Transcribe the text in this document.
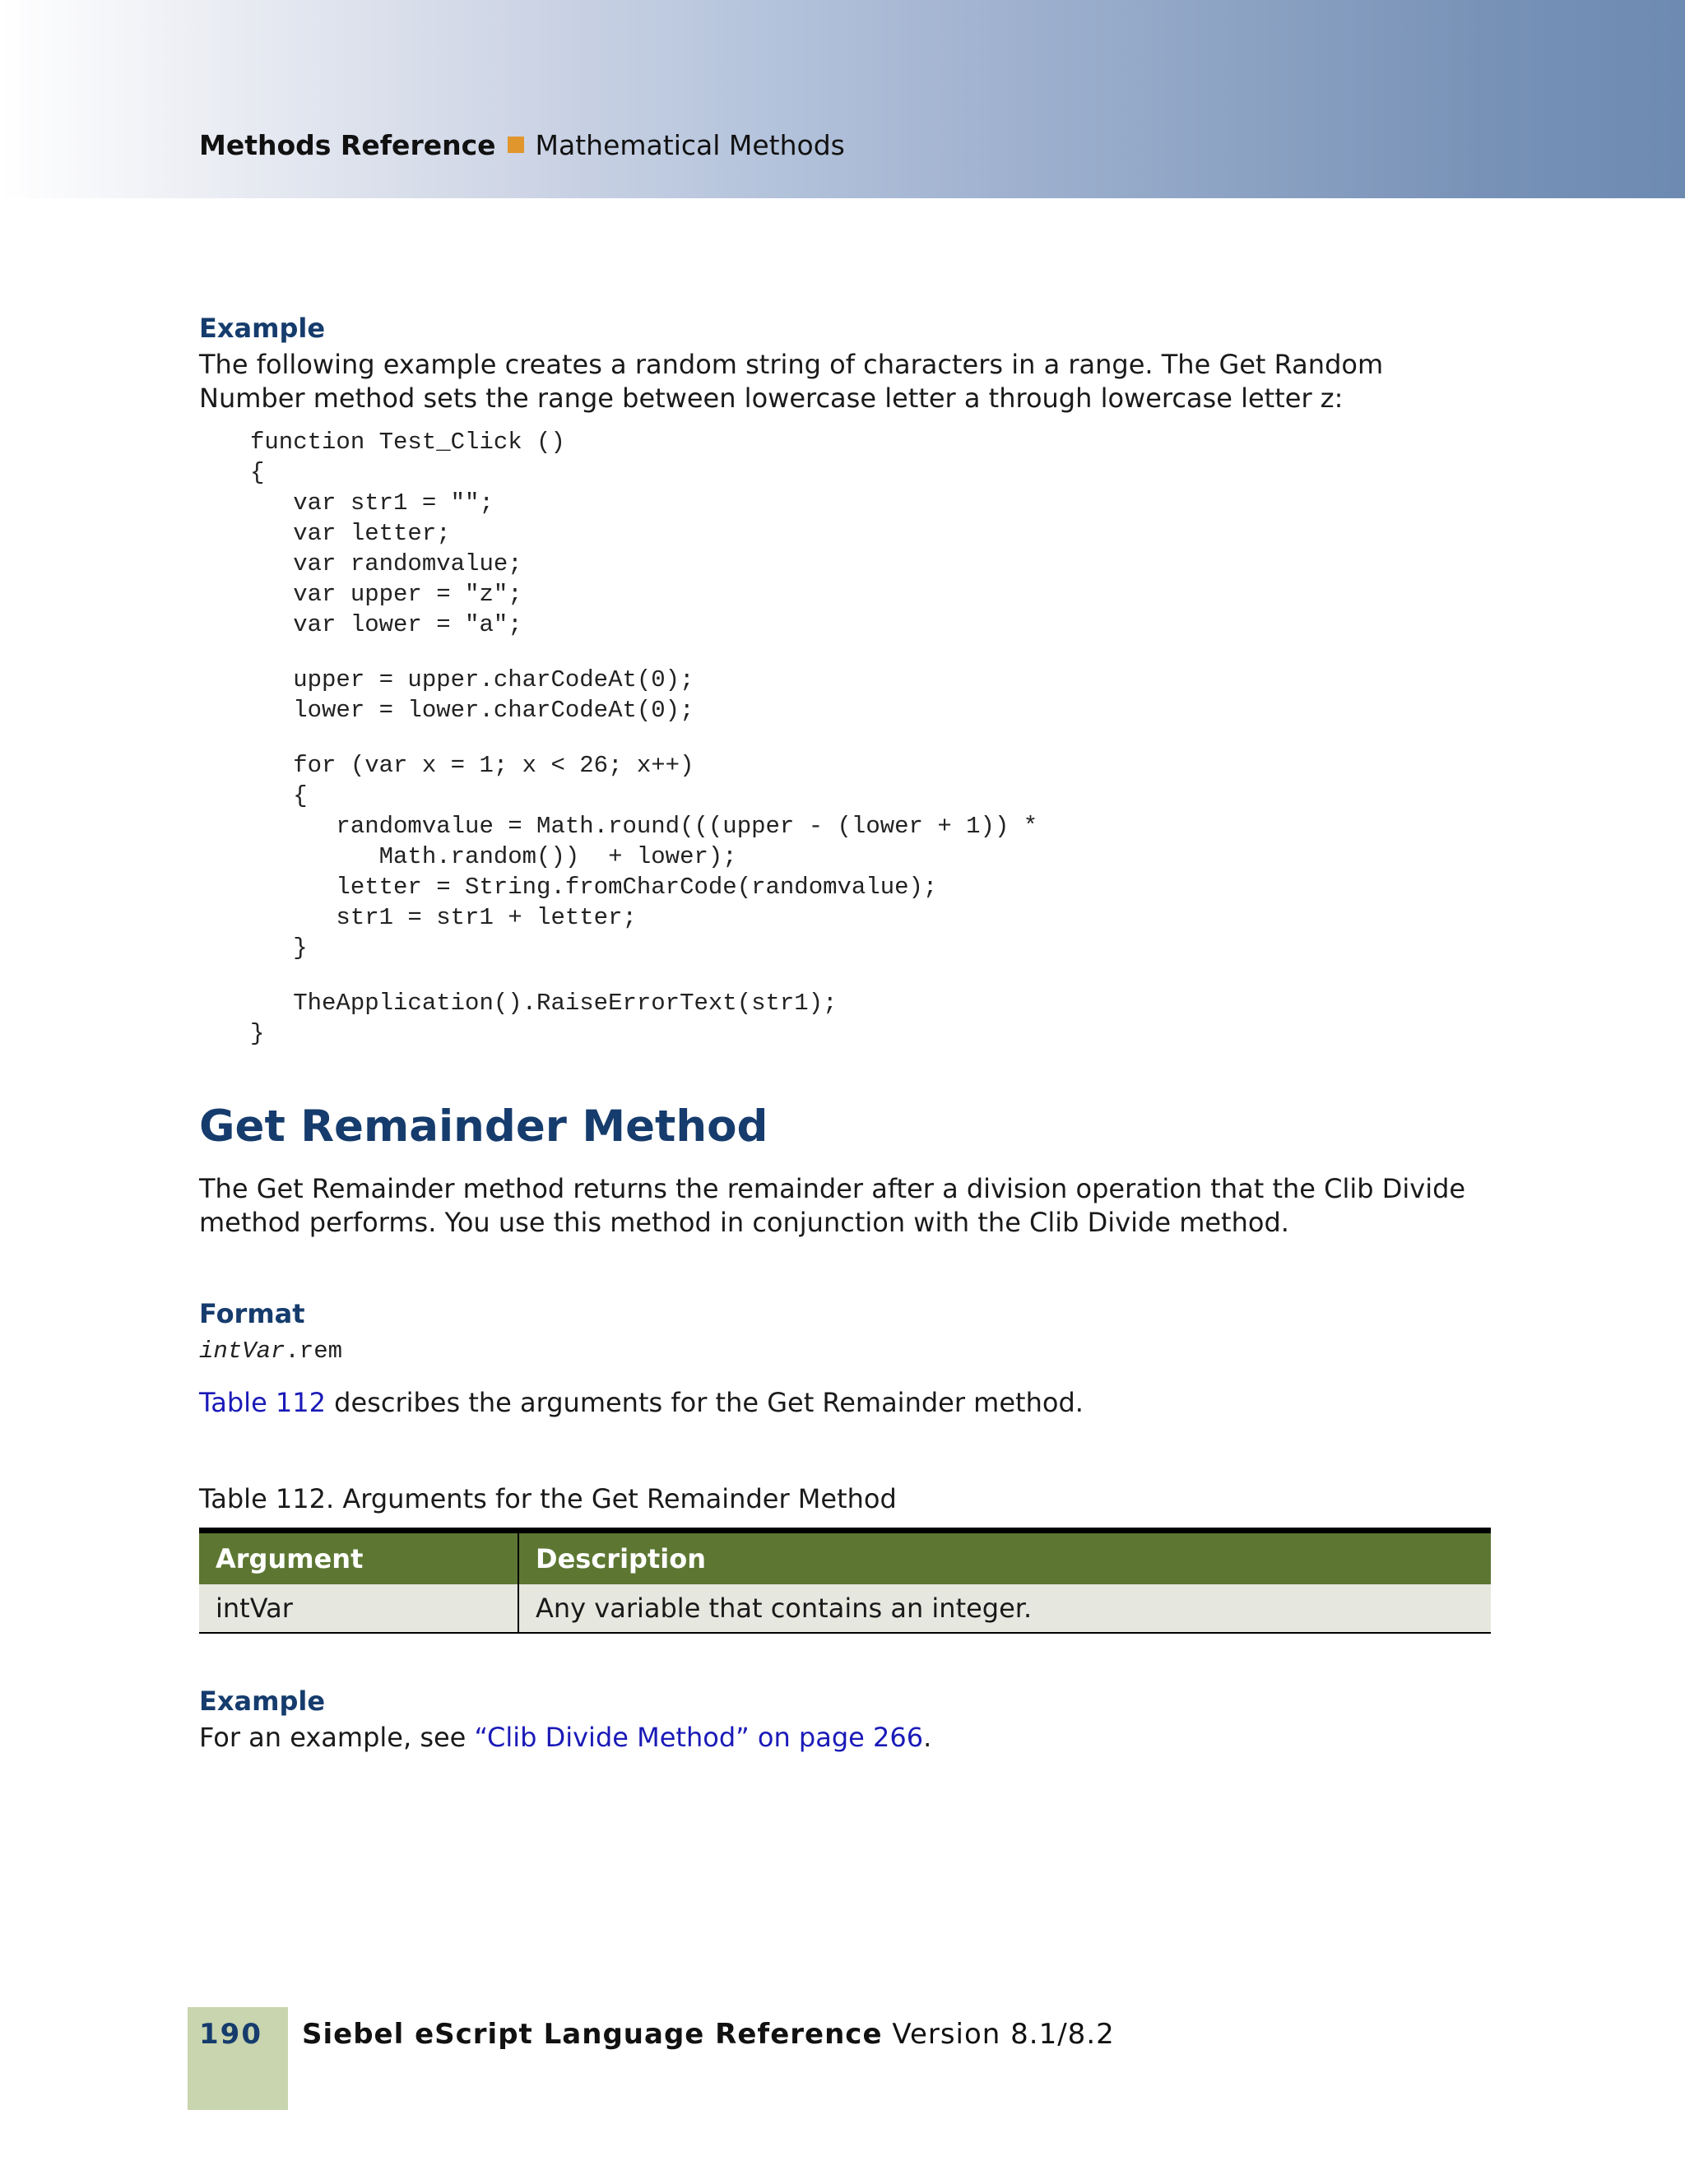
Methods Reference Mathematical Methods
Example

The following example creates a random string of characters in a range. The Get Random Number method sets the range between lowercase letter a through lowercase letter z:

function Test_Click ()
{
var str1 = "";
var letter;
var randomvalue;
var upper = "z";
var lower = "a";
upper = upper.charCodeAt(0);
lower = lower.charCodeAt(0);
for (var x = 1; x < 26; x++)
{
randomvalue = Math.round(((upper - (lower + 1)) *
Math.random())  + lower);
letter = String.fromCharCode(randomvalue);
str1 = str1 + letter;
}
TheApplication().RaiseErrorText(str1);
}
Get Remainder Method

The Get Remainder method returns the remainder after a division operation that the Clib Divide method performs. You use this method in conjunction with the Clib Divide method.

Format
intVar.rem

Table 112 describes the arguments for the Get Remainder method.

Table 112. Arguments for the Get Remainder Method

Argument	Description
intVar	Any variable that contains an integer.
Example

For an example, see “Clib Divide Method” on page 266.

190 Siebel eScript Language Reference Version 8.1/8.2
